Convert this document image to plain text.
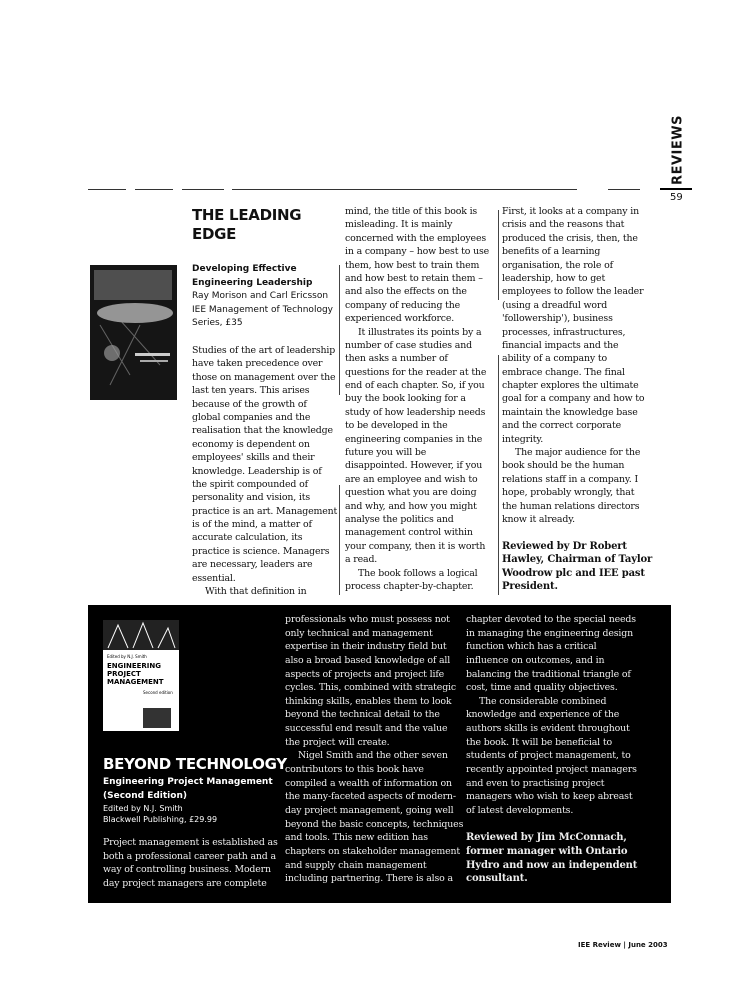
REVIEWS
59
THE LEADING
EDGE
Developing Effective
Engineering Leadership
Ray Morison and Carl Ericsson
IEE Management of Technology
Series, £35
Studies of the art of leadership
have taken precedence over
those on management over the
last ten years. This arises
because of the growth of
global companies and the
realisation that the knowledge
economy is dependent on
employees' skills and their
knowledge. Leadership is of
the spirit compounded of
personality and vision, its
practice is an art. Management
is of the mind, a matter of
accurate calculation, its
practice is science. Managers
are necessary, leaders are
essential.
With that definition in
mind, the title of this book is
misleading. It is mainly
concerned with the employees
in a company – how best to use
them, how best to train them
and how best to retain them –
and also the effects on the
company of reducing the
experienced workforce.
It illustrates its points by a
number of case studies and
then asks a number of
questions for the reader at the
end of each chapter. So, if you
buy the book looking for a
study of how leadership needs
to be developed in the
engineering companies in the
future you will be
disappointed. However, if you
are an employee and wish to
question what you are doing
and why, and how you might
analyse the politics and
management control within
your company, then it is worth
a read.
The book follows a logical
process chapter-by-chapter.
First, it looks at a company in
crisis and the reasons that
produced the crisis, then, the
benefits of a learning
organisation, the role of
leadership, how to get
employees to follow the leader
(using a dreadful word
'followership'), business
processes, infrastructures,
financial impacts and the
ability of a company to
embrace change. The final
chapter explores the ultimate
goal for a company and how to
maintain the knowledge base
and the correct corporate
integrity.
The major audience for the
book should be the human
relations staff in a company. I
hope, probably wrongly, that
the human relations directors
know it already.
Reviewed by Dr Robert
Hawley, Chairman of Taylor
Woodrow plc and IEE past
President.
professionals who must possess not
only technical and management
expertise in their industry field but
also a broad based knowledge of all
aspects of projects and project life
cycles. This, combined with strategic
thinking skills, enables them to look
beyond the technical detail to the
successful end result and the value
the project will create.
Nigel Smith and the other seven
contributors to this book have
compiled a wealth of information on
the many-faceted aspects of modern-
day project management, going well
beyond the basic concepts, techniques
and tools. This new edition has
chapters on stakeholder management
and supply chain management
including partnering. There is also a
chapter devoted to the special needs
in managing the engineering design
function which has a critical
influence on outcomes, and in
balancing the traditional triangle of
cost, time and quality objectives.
The considerable combined
knowledge and experience of the
authors skills is evident throughout
the book. It will be beneficial to
students of project management, to
recently appointed project managers
and even to practising project
managers who wish to keep abreast
of latest developments.
Reviewed by Jim McConnach,
former manager with Ontario
Hydro and now an independent
consultant.
Edited by N.J. Smith
ENGINEERING
PROJECT
MANAGEMENT
Second edition
BEYOND TECHNOLOGY
Engineering Project Management
(Second Edition)
Edited by N.J. Smith
Blackwell Publishing, £29.99
Project management is established as
both a professional career path and a
way of controlling business. Modern
day project managers are complete
IEE Review | June 2003
